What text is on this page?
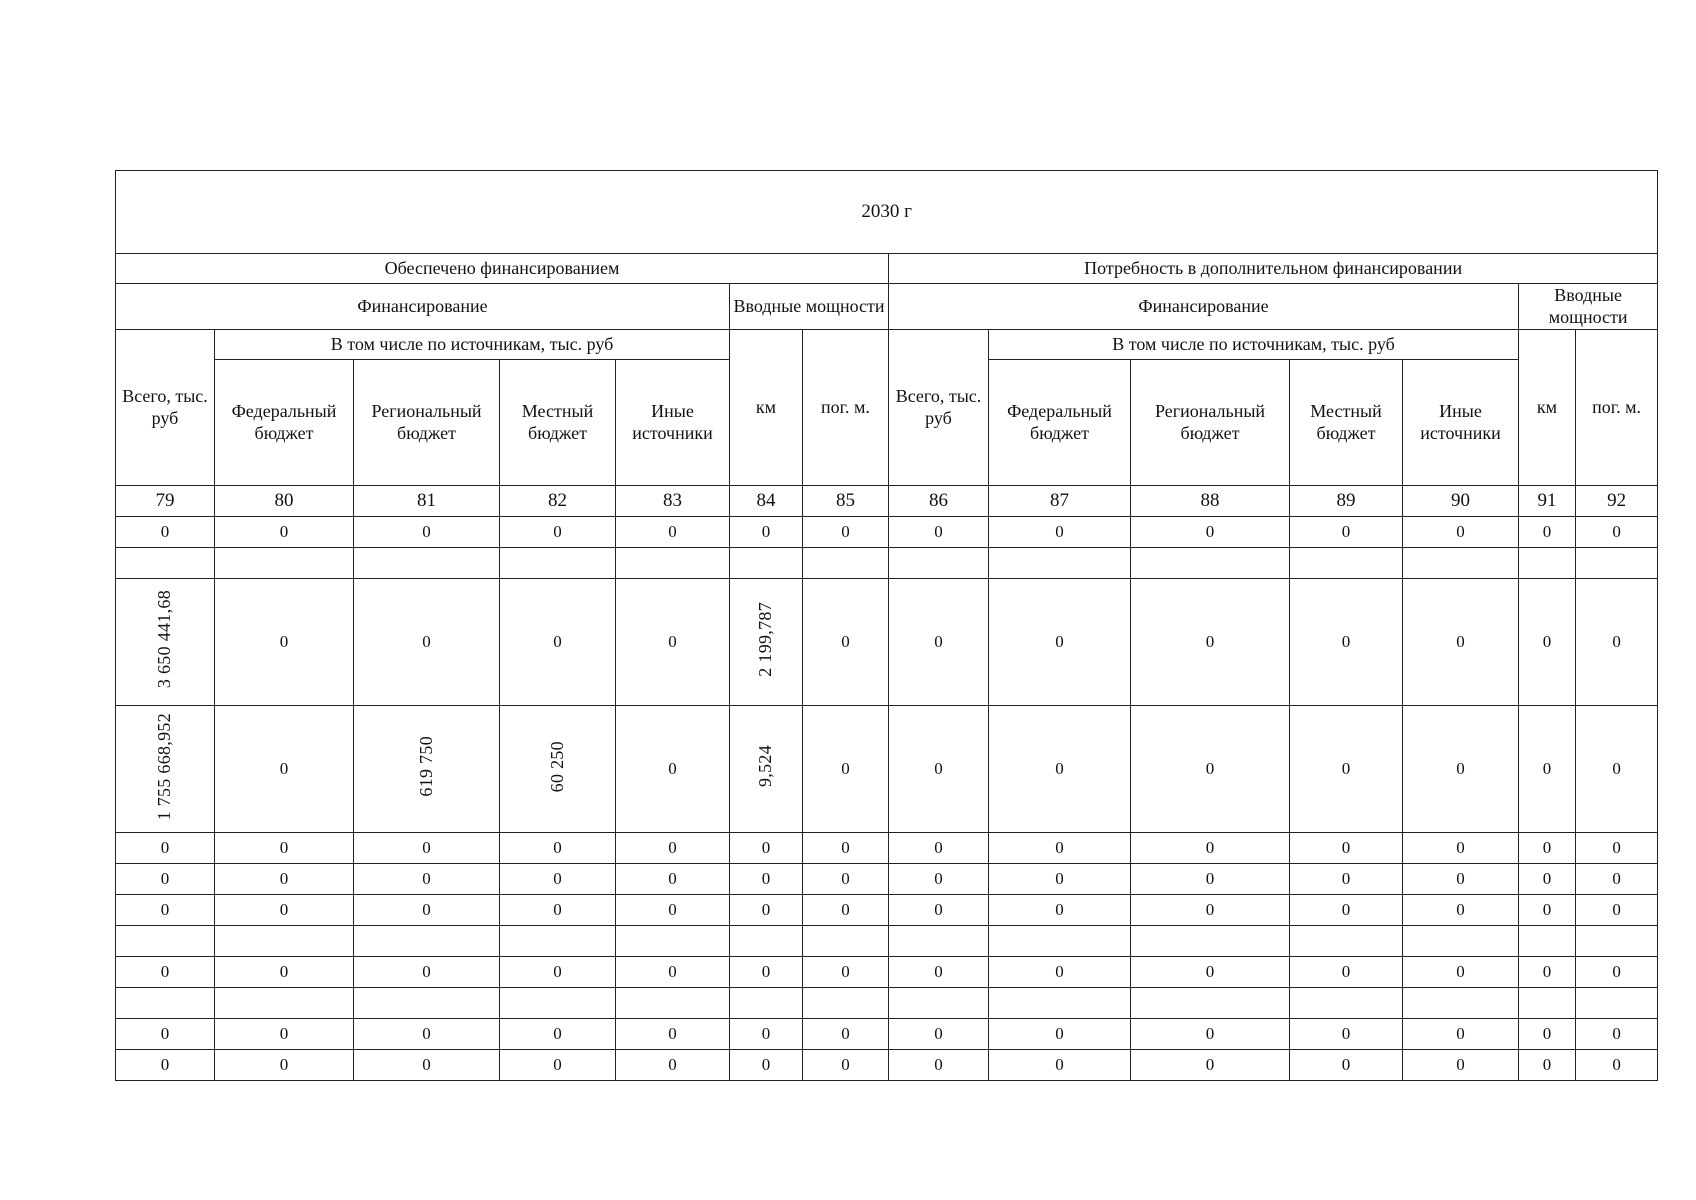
2030 г													
Обеспечено финансированием							Потребность в дополнительном финансировании						
Финансирование					Вводные мощности		Финансирование					Вводные мощности	
Всего, тыс. руб	В том числе по источникам, тыс. руб				км	пог. м.	Всего, тыс. руб	В том числе по источникам, тыс. руб				км	пог. м.
	Федеральный бюджет	Региональный бюджет	Местный бюджет	Иные источники				Федеральный бюджет	Региональный бюджет	Местный бюджет	Иные источники		
79	80	81	82	83	84	85	86	87	88	89	90	91	92
0	0	0	0	0	0	0	0	0	0	0	0	0	0

3 650 441,68	0	0	0	0	2 199,787	0	0	0	0	0	0	0	0
1 755 668,952	0	619 750	60 250	0	9,524	0	0	0	0	0	0	0	0
0	0	0	0	0	0	0	0	0	0	0	0	0	0
0	0	0	0	0	0	0	0	0	0	0	0	0	0
0	0	0	0	0	0	0	0	0	0	0	0	0	0

0	0	0	0	0	0	0	0	0	0	0	0	0	0

0	0	0	0	0	0	0	0	0	0	0	0	0	0
0	0	0	0	0	0	0	0	0	0	0	0	0	0
